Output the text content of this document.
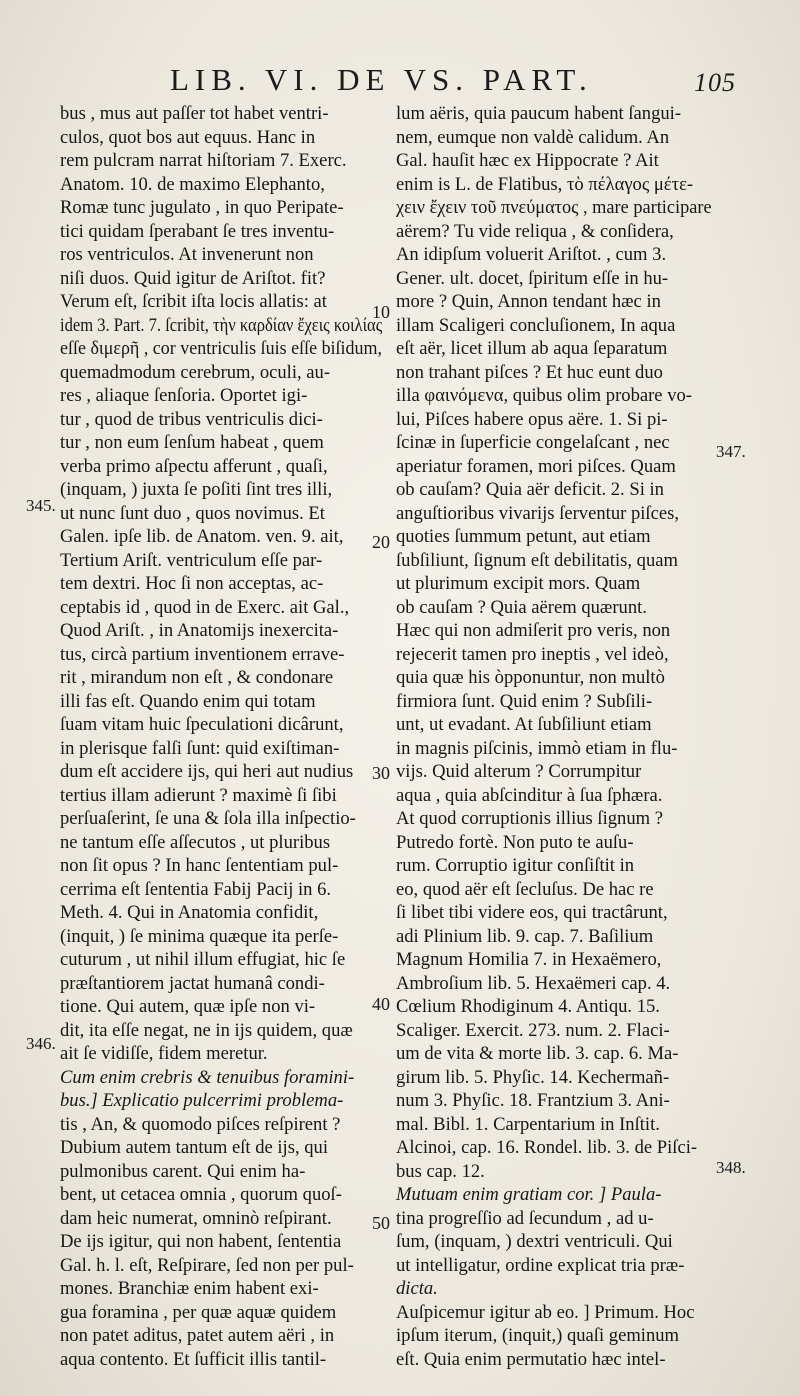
LIB. VI. DE VS. PART.	105
bus , mus aut paſſer tot habet ventri-
culos, quot bos aut equus. Hanc in
rem pulcram narrat hiſtoriam 7. Exerc.
Anatom. 10. de maximo Elephanto,
Romæ tunc jugulato , in quo Peripate-
tici quidam ſperabant ſe tres inventu-
ros ventriculos. At invenerunt non
niſi duos. Quid igitur de Ariſtot. fit?
Verum eſt, ſcribit iſta locis allatis: at
idem 3. Part. 7. ſcribit, τὴν καρδίαν ἔχεις κοιλίας
eſſe διμερῆ , cor ventriculis ſuis eſſe biſidum,
quemadmodum cerebrum, oculi, au-
res , aliaque ſenſoria. Oportet igi-
tur , quod de tribus ventriculis dici-
tur , non eum ſenſum habeat , quem
verba primo aſpectu afferunt , quaſi,
(inquam, ) juxta ſe poſiti ſint tres illi,
ut nunc ſunt duo , quos novimus. Et
Galen. ipſe lib. de Anatom. ven. 9. ait,
Tertium Ariſt. ventriculum eſſe par-
tem dextri. Hoc ſi non acceptas, ac-
ceptabis id , quod in de Exerc. ait Gal.,
Quod Ariſt. , in Anatomijs inexercita-
tus, circà partium inventionem errave-
rit , mirandum non eſt , & condonare
illi fas eſt. Quando enim qui totam
ſuam vitam huic ſpeculationi dicârunt,
in plerisque falſi ſunt: quid exiſtiman-
dum eſt accidere ijs, qui heri aut nudius
tertius illam adierunt ? maximè ſi ſibi
perſuaſerint, ſe una & ſola illa inſpectio-
ne tantum eſſe aſſecutos , ut pluribus
non ſit opus ? In hanc ſententiam pul-
cerrima eſt ſententia Fabij Pacij in 6.
Meth. 4. Qui in Anatomia confidit,
(inquit, ) ſe minima quæque ita perſe-
cuturum , ut nihil illum effugiat, hic ſe
præſtantiorem jactat humanâ condi-
tione. Qui autem, quæ ipſe non vi-
dit, ita eſſe negat, ne in ijs quidem, quæ
ait ſe vidiſſe, fidem meretur.
Cum enim crebris & tenuibus foramini-
bus.] Explicatio pulcerrimi problema-
tis , An, & quomodo piſces reſpirent ?
Dubium autem tantum eſt de ijs, qui
pulmonibus carent. Qui enim ha-
bent, ut cetacea omnia , quorum quoſ-
dam heic numerat, omninò reſpirant.
De ijs igitur, qui non habent, ſententia
Gal. h. l. eſt, Reſpirare, ſed non per pul-
mones. Branchiæ enim habent exi-
gua foramina , per quæ aquæ quidem
non patet aditus, patet autem aëri , in
aqua contento. Et ſufficit illis tantil-
lum aëris, quia paucum habent ſangui-
nem, eumque non valdè calidum. An
Gal. hauſit hæc ex Hippocrate ? Ait
enim is L. de Flatibus, τὸ πέλαγος μέτε-
χειν ἔχειν τοῦ πνεύματος , mare participare
aërem? Tu vide reliqua , & conſidera,
An idipſum voluerit Ariſtot. , cum 3.
Gener. ult. docet, ſpiritum eſſe in hu-
more ? Quin, Annon tendant hæc in
illam Scaligeri concluſionem, In aqua
eſt aër, licet illum ab aqua ſeparatum
non trahant piſces ? Et huc eunt duo
illa φαινόμενα, quibus olim probare vo-
lui, Piſces habere opus aëre. 1. Si pi-
ſcinæ in ſuperficie congelaſcant , nec
aperiatur foramen, mori piſces. Quam
ob cauſam? Quia aër deficit. 2. Si in
anguſtioribus vivarijs ſerventur piſces,
quoties ſummum petunt, aut etiam
ſubſiliunt, ſignum eſt debilitatis, quam
ut plurimum excipit mors. Quam
ob cauſam ? Quia aërem quærunt.
Hæc qui non admiſerit pro veris, non
rejecerit tamen pro ineptis , vel ideò,
quia quæ his òpponuntur, non multò
firmiora ſunt. Quid enim ? Subſili-
unt, ut evadant. At ſubſiliunt etiam
in magnis piſcinis, immò etiam in flu-
vijs. Quid alterum ? Corrumpitur
aqua , quia abſcinditur à ſua ſphæra.
At quod corruptionis illius ſignum ?
Putredo fortè. Non puto te auſu-
rum. Corruptio igitur conſiſtit in
eo, quod aër eſt ſecluſus. De hac re
ſi libet tibi videre eos, qui tractârunt,
adi Plinium lib. 9. cap. 7. Baſilium
Magnum Homilia 7. in Hexaëmero,
Ambroſium lib. 5. Hexaëmeri cap. 4.
Cœlium Rhodiginum 4. Antiqu. 15.
Scaliger. Exercit. 273. num. 2. Flaci-
um de vita & morte lib. 3. cap. 6. Ma-
girum lib. 5. Phyſic. 14. Kechermañ-
num 3. Phyſic. 18. Frantzium 3. Ani-
mal. Bibl. 1. Carpentarium in Inſtit.
Alcinoi, cap. 16. Rondel. lib. 3. de Piſci-
bus cap. 12.
Mutuam enim gratiam cor. ] Paula-
tina progreſſio ad ſecundum , ad u-
ſum, (inquam, ) dextri ventriculi. Qui
ut intelligatur, ordine explicat tria præ-
dicta.
Auſpicemur igitur ab eo. ] Primum. Hoc
ipſum iterum, (inquit,) quaſi geminum
eſt. Quia enim permutatio hæc intel-
10
20
30
40
50
345.
346.
347.
348.
